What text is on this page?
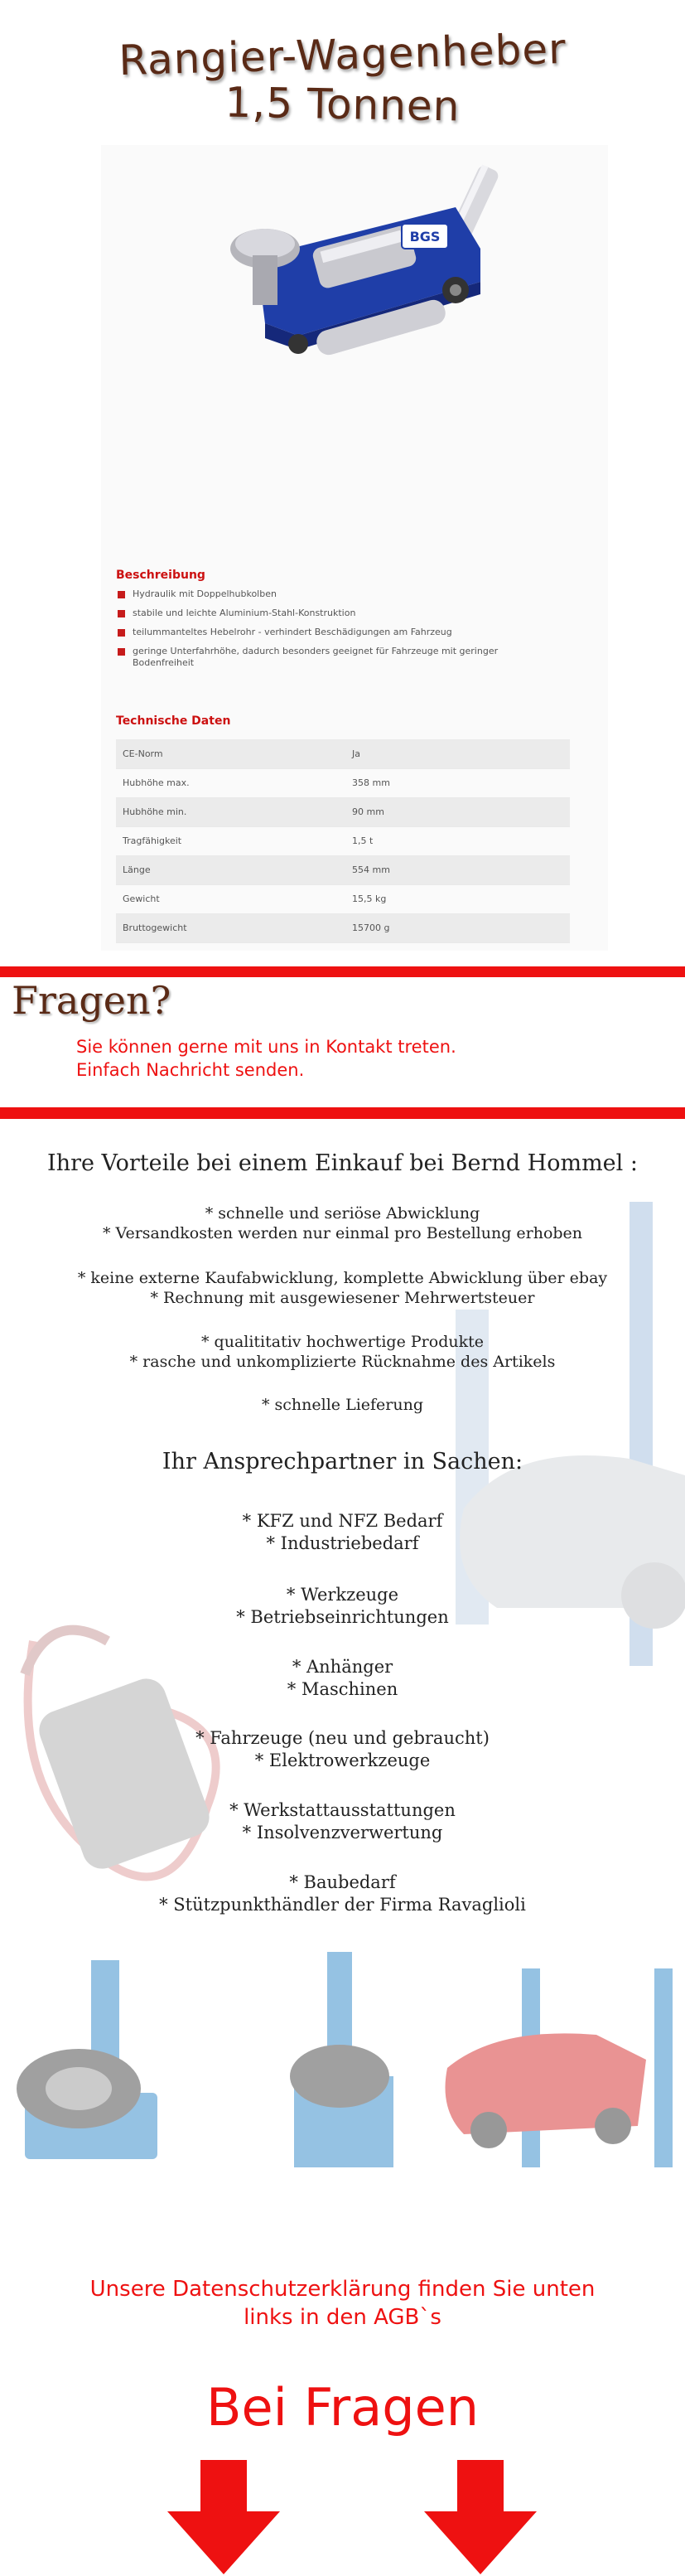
Rangier-Wagenheber
1,5 Tonnen
BGS
Beschreibung
Hydraulik mit Doppelhubkolben
stabile und leichte Aluminium-Stahl-Konstruktion
teilummanteltes Hebelrohr - verhindert Beschädigungen am Fahrzeug
geringe Unterfahrhöhe, dadurch besonders geeignet für Fahrzeuge mit geringer Bodenfreiheit
Technische Daten
CE-Norm	Ja
Hubhöhe max.	358 mm
Hubhöhe min.	90 mm
Tragfähigkeit	1,5 t
Länge	554 mm
Gewicht	15,5 kg
Bruttogewicht	15700 g
Fragen?
Sie können gerne mit uns in Kontakt treten.
Einfach Nachricht senden.
Ihre Vorteile bei einem Einkauf bei Bernd Hommel :
* schnelle und seriöse Abwicklung
* Versandkosten werden nur einmal pro Bestellung erhoben
* keine externe Kaufabwicklung, komplette Abwicklung über ebay
* Rechnung mit ausgewiesener Mehrwertsteuer
* qualititativ hochwertige Produkte
* rasche und unkomplizierte Rücknahme des Artikels
* schnelle Lieferung
Ihr Ansprechpartner in Sachen:
* KFZ und NFZ Bedarf
* Industriebedarf
* Werkzeuge
* Betriebseinrichtungen
* Anhänger
* Maschinen
* Fahrzeuge (neu und gebraucht)
* Elektrowerkzeuge
* Werkstattausstattungen
* Insolvenzverwertung
* Baubedarf
* Stützpunkthändler der Firma Ravaglioli
Unsere Datenschutzerklärung finden Sie unten
links in den AGB`s
Bei Fragen
